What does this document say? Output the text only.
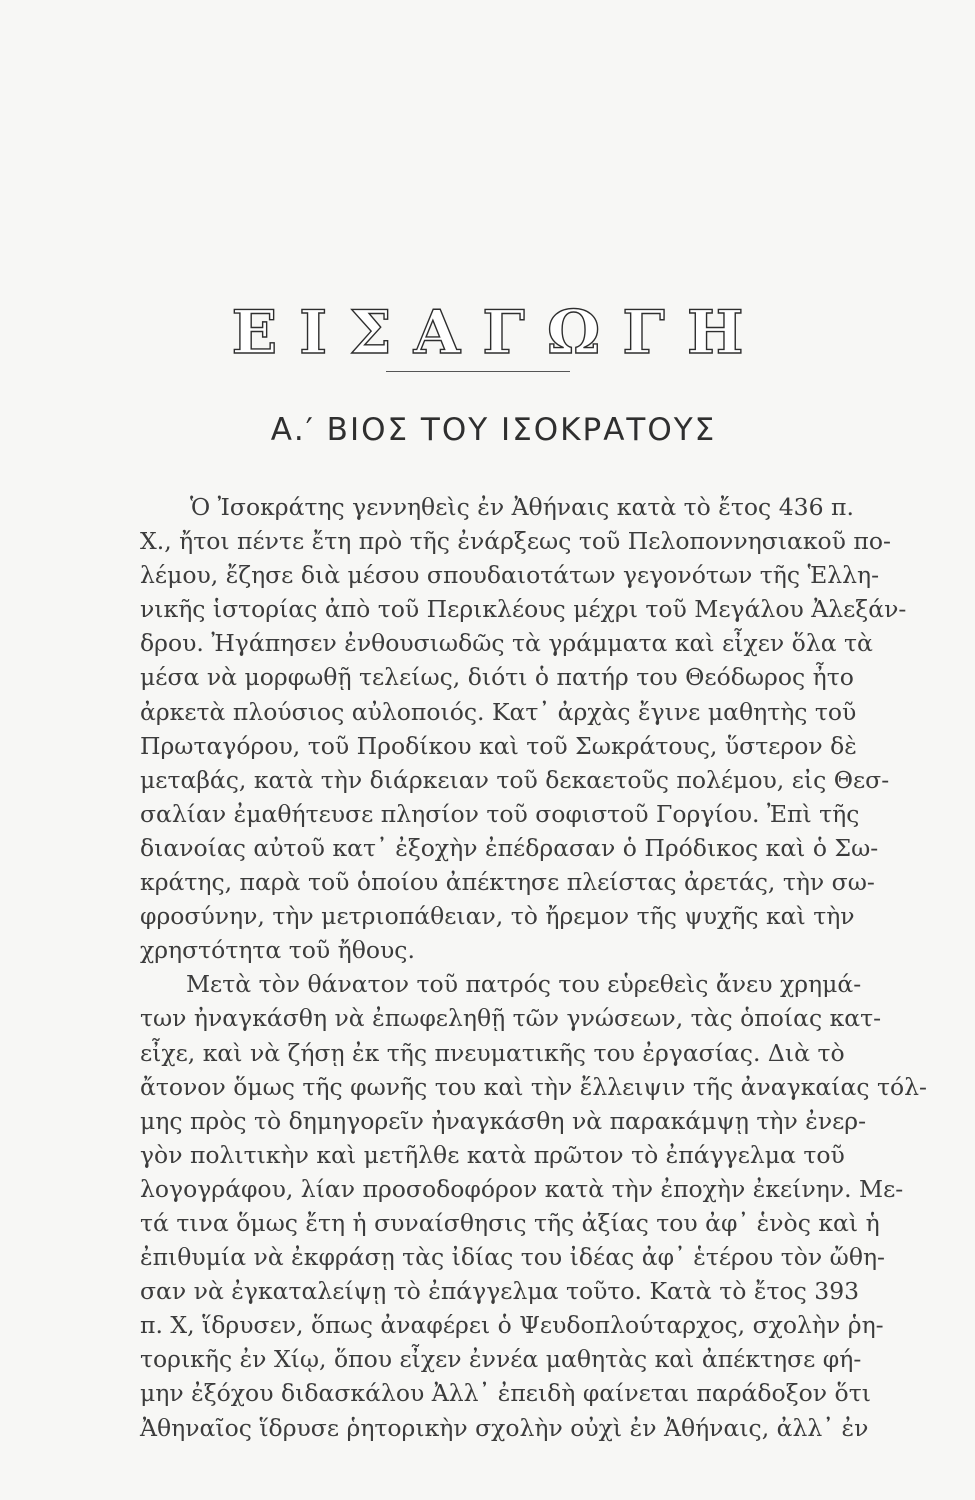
ΕΙΣΑΓΩΓΗ
Α.′ ΒΙΟΣ ΤΟΥ ΙΣΟΚΡΑΤΟΥΣ
Ὁ Ἰσοκράτης γεννηθεὶς ἐν Ἀθήναις κατὰ τὸ ἔτος 436 π.
Χ., ἤτοι πέντε ἔτη πρὸ τῆς ἐνάρξεως τοῦ Πελοποννησιακοῦ πο-
λέμου, ἔζησε διὰ μέσου σπουδαιοτάτων γεγονότων τῆς Ἑλλη-
νικῆς ἱστορίας ἀπὸ τοῦ Περικλέους μέχρι τοῦ Μεγάλου Ἀλεξάν-
δρου. Ἠγάπησεν ἐνθουσιωδῶς τὰ γράμματα καὶ εἶχεν ὅλα τὰ
μέσα νὰ μορφωθῇ τελείως, διότι ὁ πατήρ του Θεόδωρος ἦτο
ἀρκετὰ πλούσιος αὐλοποιός. Κατ᾽ ἀρχὰς ἔγινε μαθητὴς τοῦ
Πρωταγόρου, τοῦ Προδίκου καὶ τοῦ Σωκράτους, ὕστερον δὲ
μεταβάς, κατὰ τὴν διάρκειαν τοῦ δεκαετοῦς πολέμου, εἰς Θεσ-
σαλίαν ἐμαθήτευσε πλησίον τοῦ σοφιστοῦ Γοργίου. Ἐπὶ τῆς
διανοίας αὐτοῦ κατ᾽ ἐξοχὴν ἐπέδρασαν ὁ Πρόδικος καὶ ὁ Σω-
κράτης, παρὰ τοῦ ὁποίου ἀπέκτησε πλείστας ἀρετάς, τὴν σω-
φροσύνην, τὴν μετριοπάθειαν, τὸ ἤρεμον τῆς ψυχῆς καὶ τὴν
χρηστότητα τοῦ ἤθους.
Μετὰ τὸν θάνατον τοῦ πατρός του εὑρεθεὶς ἄνευ χρημά-
των ἠναγκάσθη νὰ ἐπωφεληθῇ τῶν γνώσεων, τὰς ὁποίας κατ-
εἶχε, καὶ νὰ ζήσῃ ἐκ τῆς πνευματικῆς του ἐργασίας. Διὰ τὸ
ἄτονον ὅμως τῆς φωνῆς του καὶ τὴν ἔλλειψιν τῆς ἀναγκαίας τόλ-
μης πρὸς τὸ δημηγορεῖν ἠναγκάσθη νὰ παρακάμψῃ τὴν ἐνερ-
γὸν πολιτικὴν καὶ μετῆλθε κατὰ πρῶτον τὸ ἐπάγγελμα τοῦ
λογογράφου, λίαν προσοδοφόρον κατὰ τὴν ἐποχὴν ἐκείνην. Με-
τά τινα ὅμως ἔτη ἡ συναίσθησις τῆς ἀξίας του ἀφ᾽ ἑνὸς καὶ ἡ
ἐπιθυμία νὰ ἐκφράσῃ τὰς ἰδίας του ἰδέας ἀφ᾽ ἑτέρου τὸν ὤθη-
σαν νὰ ἐγκαταλείψῃ τὸ ἐπάγγελμα τοῦτο. Κατὰ τὸ ἔτος 393
π. Χ, ἵδρυσεν, ὅπως ἀναφέρει ὁ Ψευδοπλούταρχος, σχολὴν ῥη-
τορικῆς ἐν Χίῳ, ὅπου εἶχεν ἐννέα μαθητὰς καὶ ἀπέκτησε φή-
μην ἐξόχου διδασκάλου Ἀλλ᾽ ἐπειδὴ φαίνεται παράδοξον ὅτι
Ἀθηναῖος ἵδρυσε ῥητορικὴν σχολὴν οὐχὶ ἐν Ἀθήναις, ἀλλ᾽ ἐν
